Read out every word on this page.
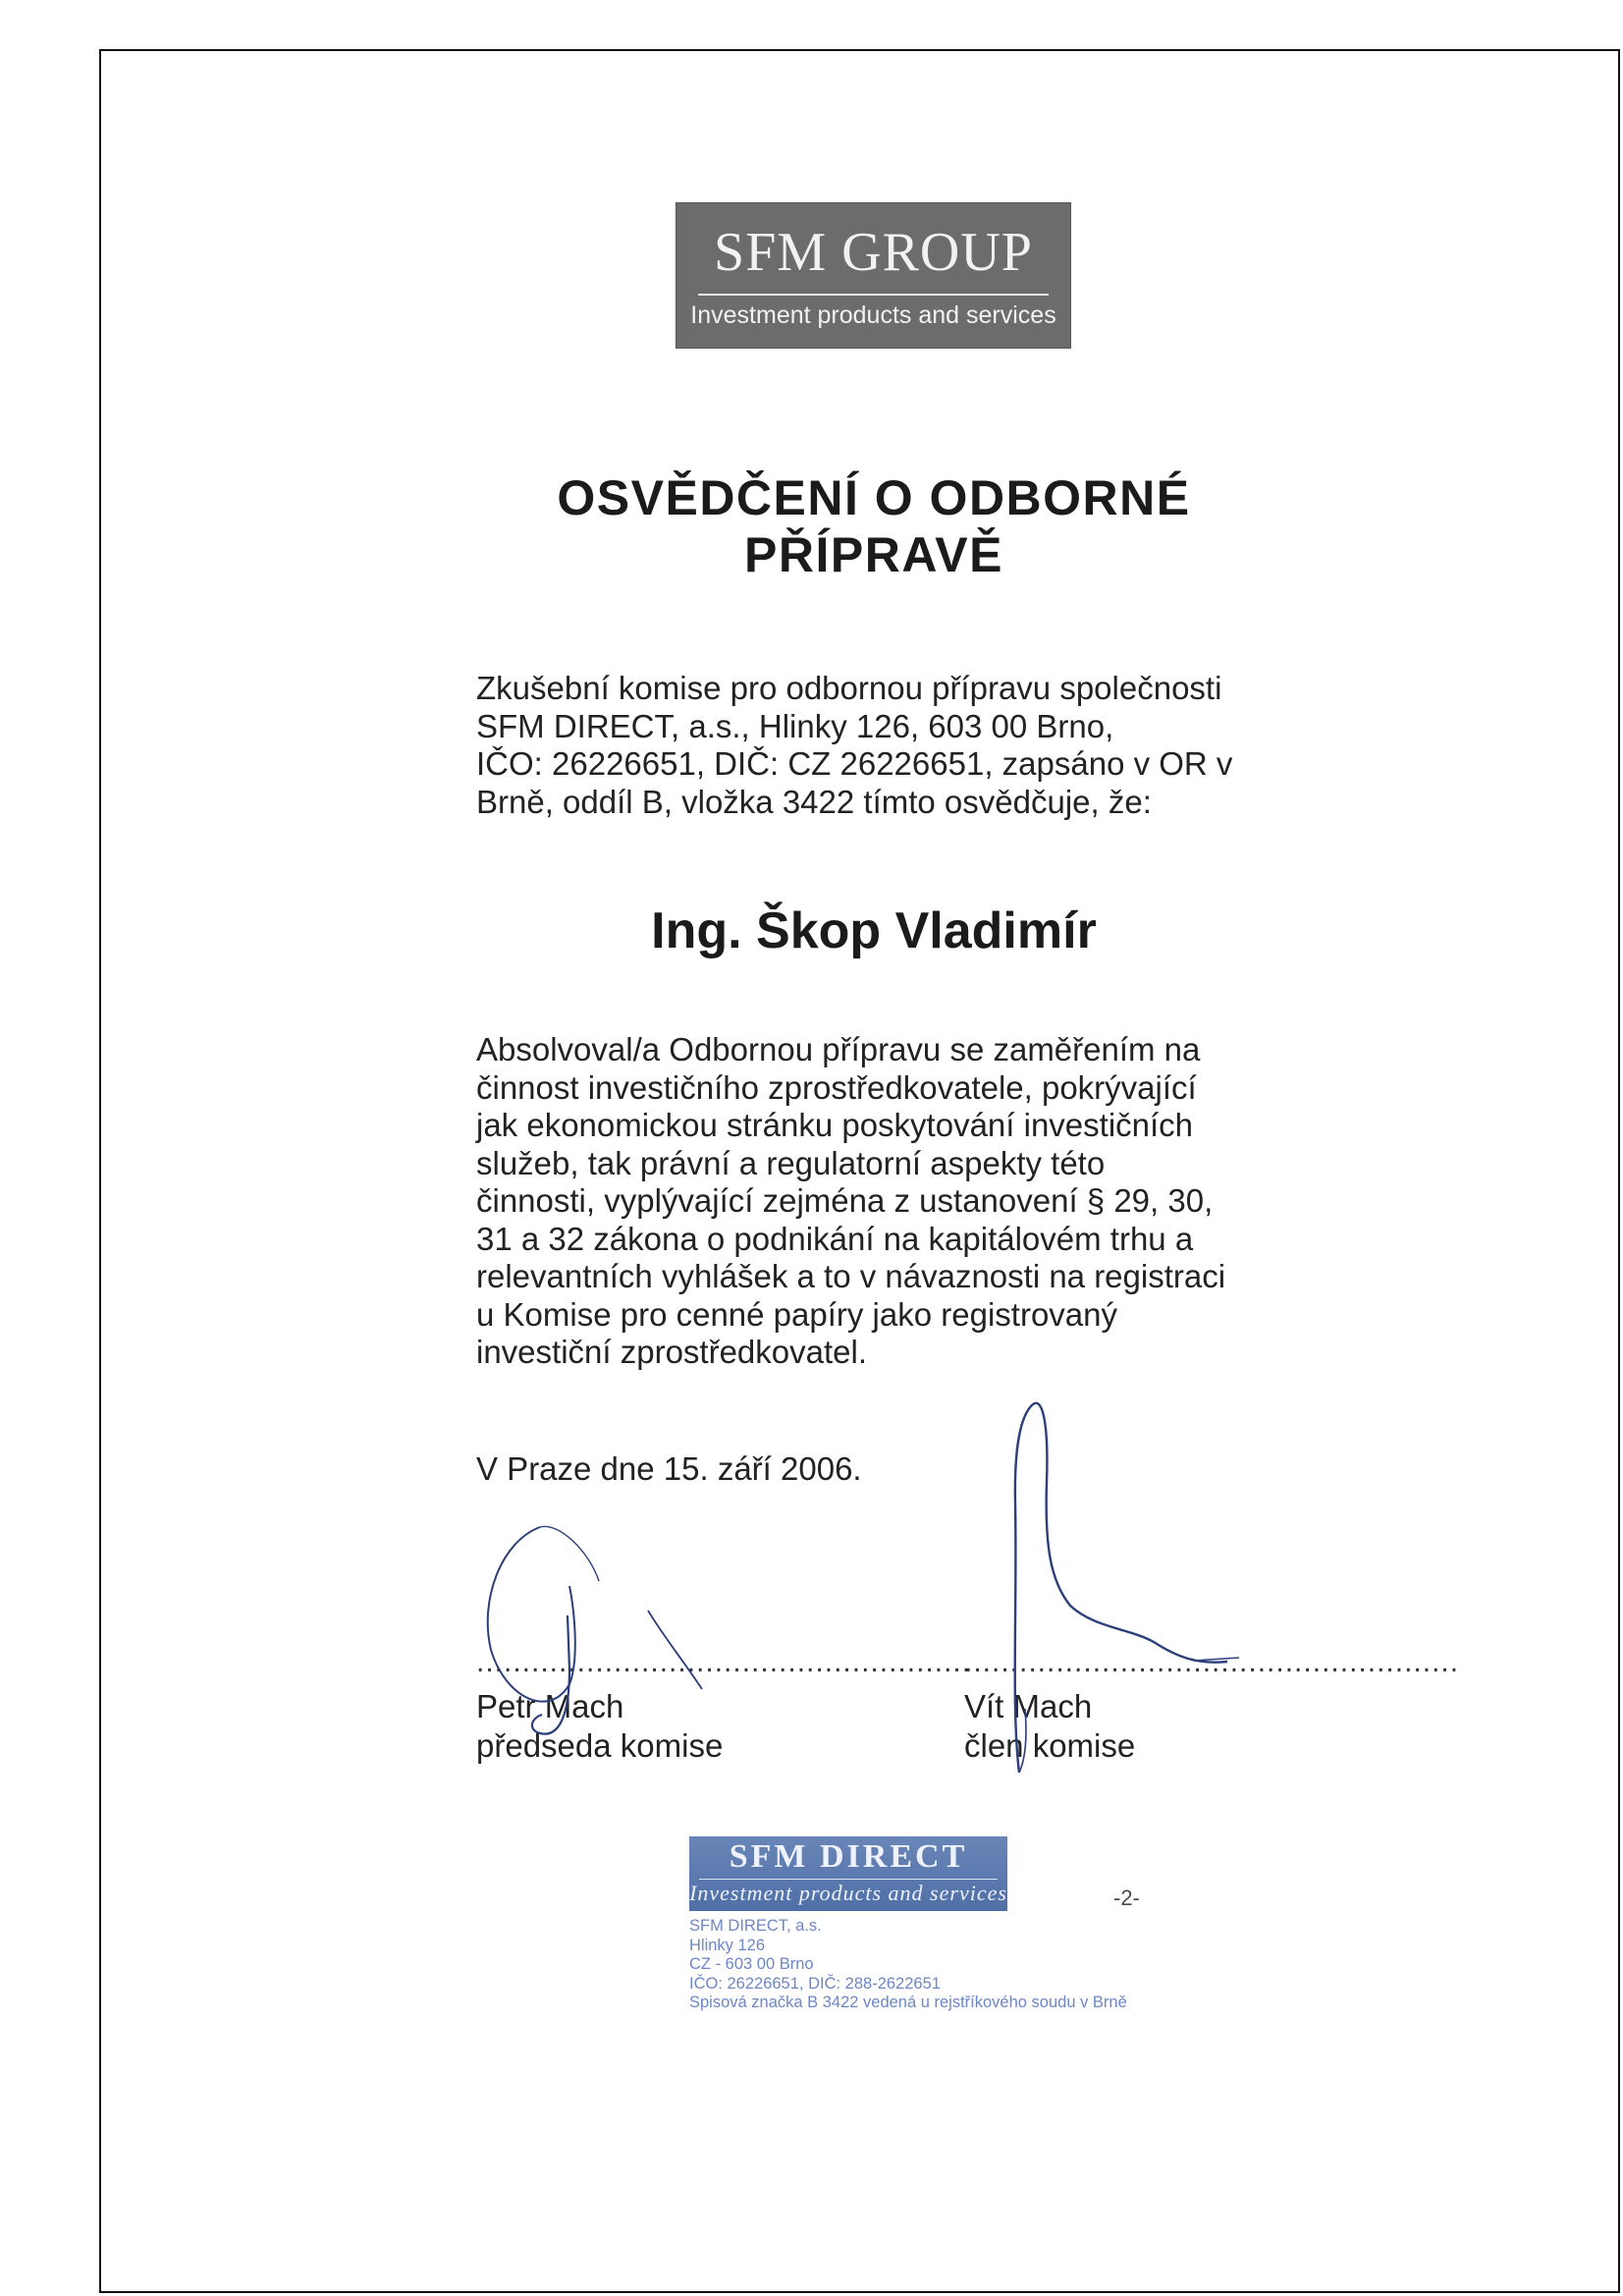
SFM GROUP
Investment products and services
OSVĚDČENÍ O ODBORNÉ
PŘÍPRAVĚ
Zkušební komise pro odbornou přípravu společnosti
SFM DIRECT, a.s., Hlinky 126, 603 00 Brno,
IČO: 26226651, DIČ: CZ 26226651, zapsáno v OR v
Brně, oddíl B, vložka 3422 tímto osvědčuje, že:
Ing. Škop Vladimír
Absolvoval/a Odbornou přípravu se zaměřením na
činnost investičního zprostředkovatele, pokrývající
jak ekonomickou stránku poskytování investičních
služeb, tak právní a regulatorní aspekty této
činnosti, vyplývající zejména z ustanovení § 29, 30,
31 a 32 zákona o podnikání na kapitálovém trhu a
relevantních vyhlášek a to v návaznosti na registraci
u Komise pro cenné papíry jako registrovaný
investiční zprostředkovatel.
V Praze dne 15. září 2006.
......................................................
......................................................
Petr Mach
předseda komise
Vít Mach
člen komise
SFM DIRECT
Investment products and services
SFM DIRECT, a.s.
Hlinky 126
CZ - 603 00 Brno
IČO: 26226651, DIČ: 288-2622651
Spisová značka B 3422 vedená u rejstříkového soudu v Brně
-2-
